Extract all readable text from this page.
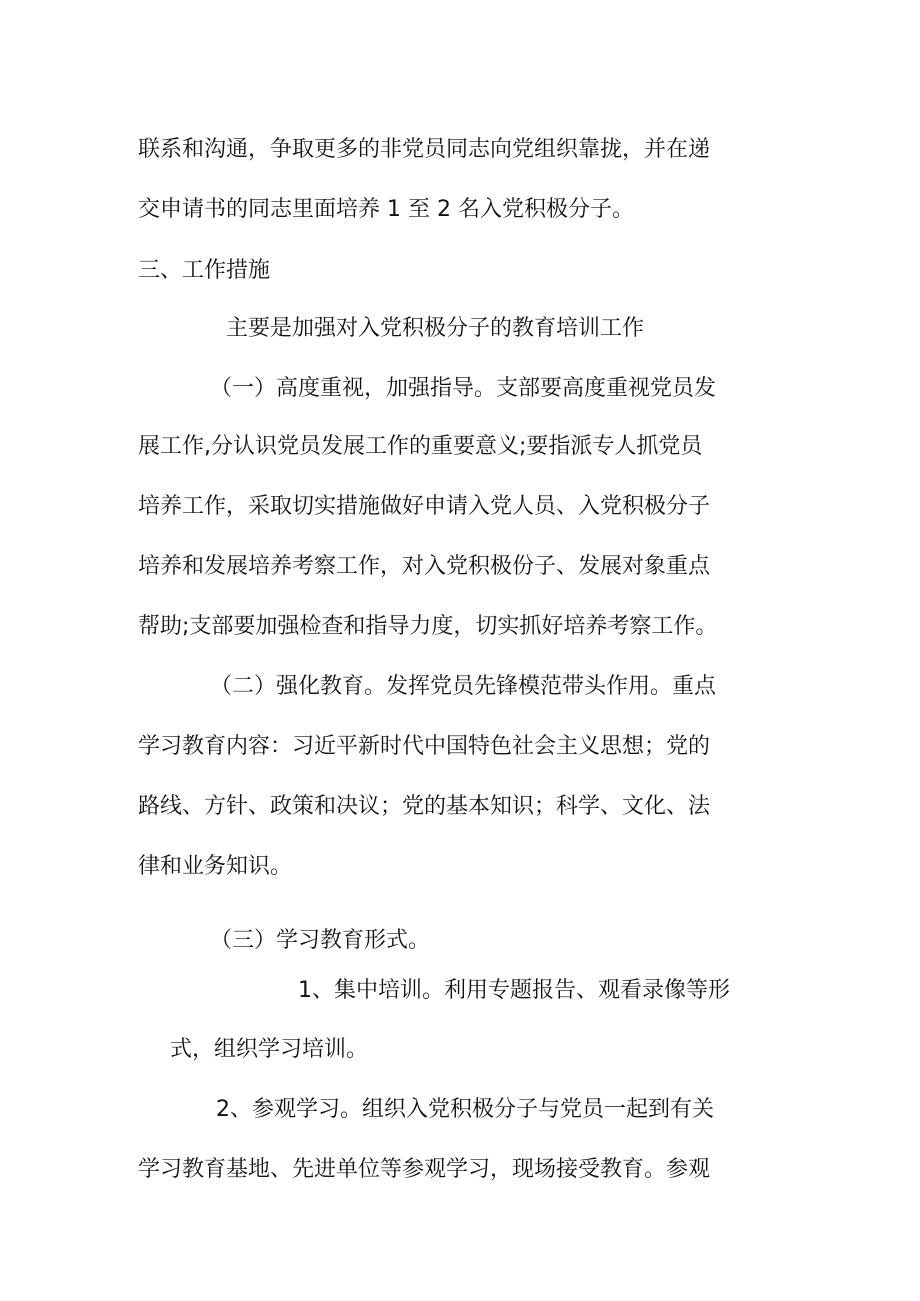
联系和沟通，争取更多的非党员同志向党组织靠拢，并在递

交申请书的同志里面培养 1 至 2 名入党积极分子。

三、工作措施

主要是加强对入党积极分子的教育培训工作

（一）高度重视，加强指导。支部要高度重视党员发

展工作,分认识党员发展工作的重要意义;要指派专人抓党员

培养工作，采取切实措施做好申请入党人员、入党积极分子

培养和发展培养考察工作，对入党积极份子、发展对象重点

帮助;支部要加强检查和指导力度，切实抓好培养考察工作。

（二）强化教育。发挥党员先锋模范带头作用。重点

学习教育内容：习近平新时代中国特色社会主义思想；党的

路线、方针、政策和决议；党的基本知识；科学、文化、法

律和业务知识。

（三）学习教育形式。

1、集中培训。利用专题报告、观看录像等形

式，组织学习培训。

2、参观学习。组织入党积极分子与党员一起到有关

学习教育基地、先进单位等参观学习，现场接受教育。参观
